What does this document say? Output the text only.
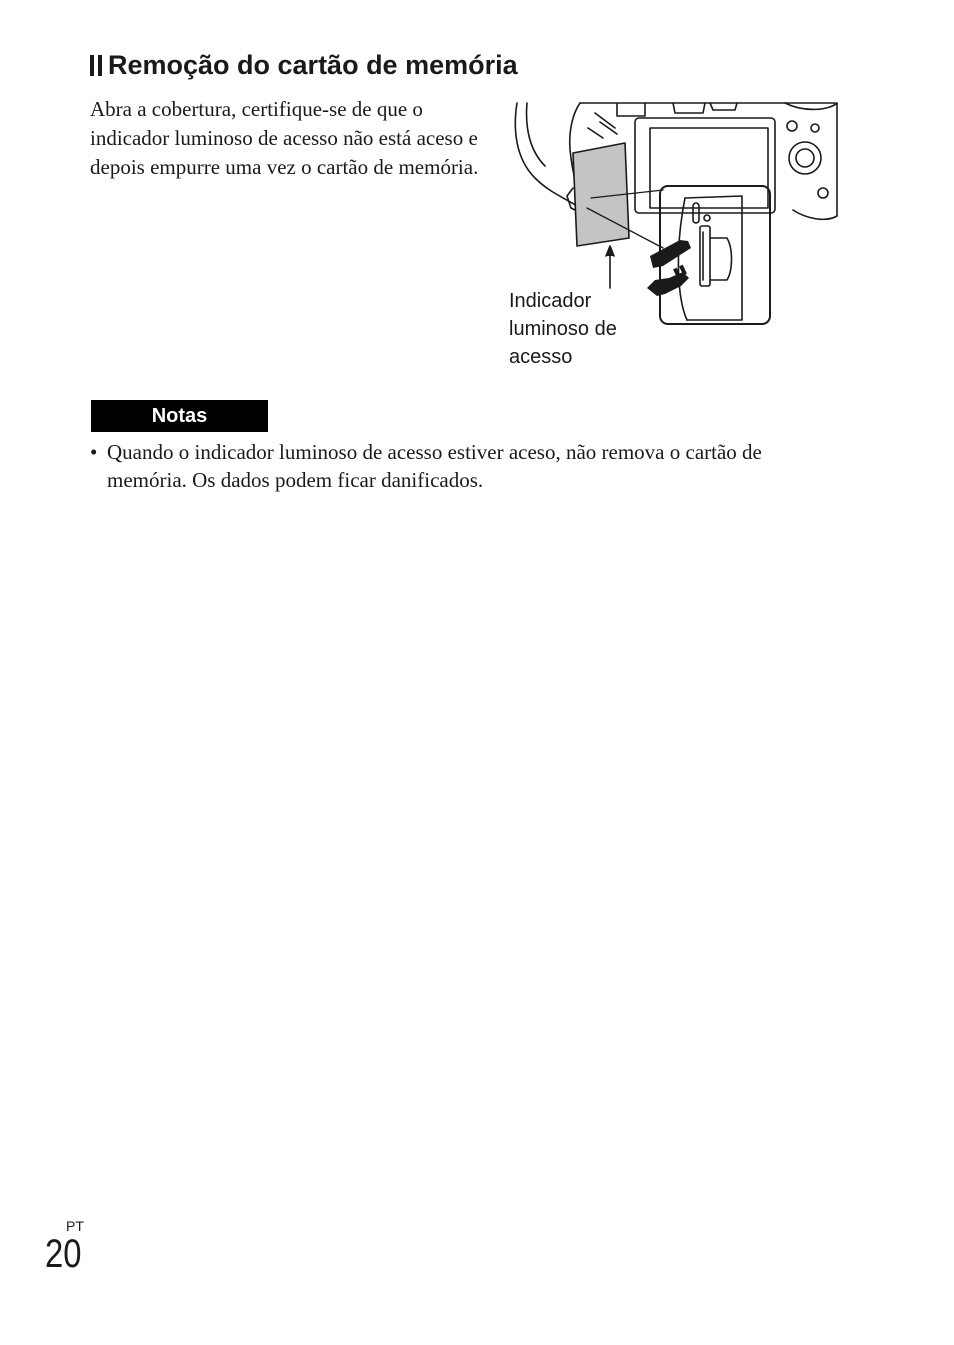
Remoção do cartão de memória

Abra a cobertura, certifique-se de que o indicador luminoso de acesso não está aceso e depois empurre uma vez o cartão de memória.

Indicador
luminoso de
acesso
Notas
• Quando o indicador luminoso de acesso estiver aceso, não remova o cartão de memória. Os dados podem ficar danificados.
PT
20
